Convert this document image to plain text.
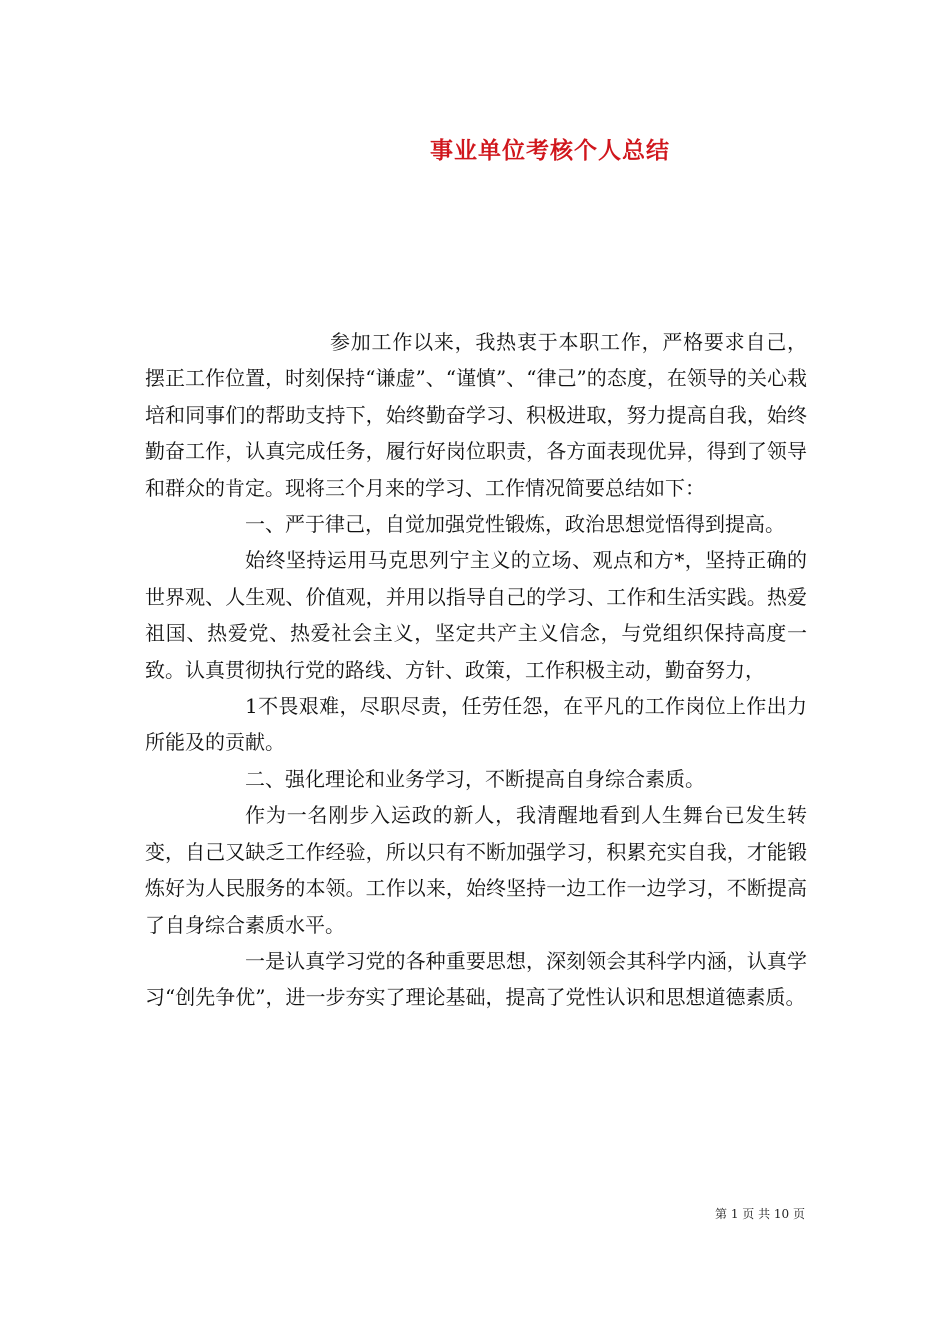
事业单位考核个人总结

参加工作以来，我热衷于本职工作，严格要求自己，摆正工作位置，时刻保持“谦虚”、“谨慎”、“律己”的态度，在领导的关心栽培和同事们的帮助支持下，始终勤奋学习、积极进取，努力提高自我，始终勤奋工作，认真完成任务，履行好岗位职责，各方面表现优异，得到了领导和群众的肯定。现将三个月来的学习、工作情况简要总结如下：

一、严于律己，自觉加强党性锻炼，政治思想觉悟得到提高。

始终坚持运用马克思列宁主义的立场、观点和方*，坚持正确的世界观、人生观、价值观，并用以指导自己的学习、工作和生活实践。热爱祖国、热爱党、热爱社会主义，坚定共产主义信念，与党组织保持高度一致。认真贯彻执行党的路线、方针、政策，工作积极主动，勤奋努力，

1不畏艰难，尽职尽责，任劳任怨，在平凡的工作岗位上作出力所能及的贡献。

二、强化理论和业务学习，不断提高自身综合素质。

作为一名刚步入运政的新人，我清醒地看到人生舞台已发生转变，自己又缺乏工作经验，所以只有不断加强学习，积累充实自我，才能锻炼好为人民服务的本领。工作以来，始终坚持一边工作一边学习，不断提高了自身综合素质水平。

一是认真学习党的各种重要思想，深刻领会其科学内涵，认真学习“创先争优”，进一步夯实了理论基础，提高了党性认识和思想道德素质。

第 1 页 共 10 页
